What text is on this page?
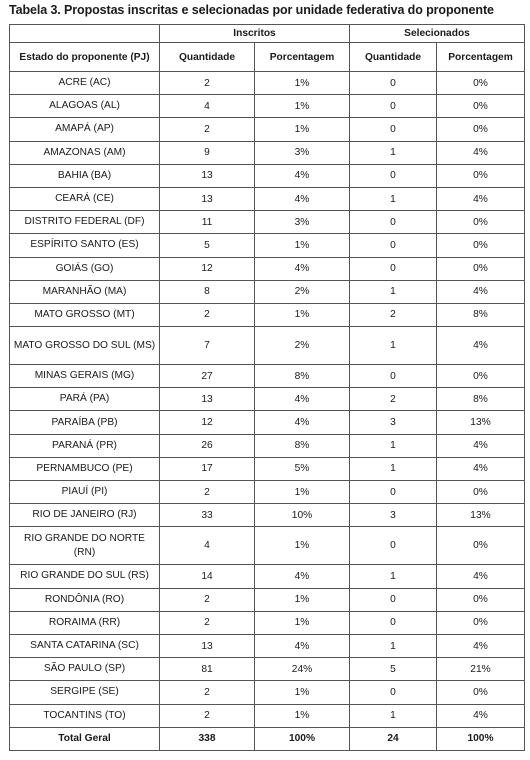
Tabela 3. Propostas inscritas e selecionadas por unidade federativa do proponente
	Inscritos		Selecionados	
Estado do proponente (PJ)	Quantidade	Porcentagem	Quantidade	Porcentagem
ACRE (AC)	2	1%	0	0%
ALAGOAS (AL)	4	1%	0	0%
AMAPÁ (AP)	2	1%	0	0%
AMAZONAS (AM)	9	3%	1	4%
BAHIA (BA)	13	4%	0	0%
CEARÁ (CE)	13	4%	1	4%
DISTRITO FEDERAL (DF)	11	3%	0	0%
ESPÍRITO SANTO (ES)	5	1%	0	0%
GOIÁS (GO)	12	4%	0	0%
MARANHÃO (MA)	8	2%	1	4%
MATO GROSSO (MT)	2	1%	2	8%
MATO GROSSO DO SUL (MS)	7	2%	1	4%
MINAS GERAIS (MG)	27	8%	0	0%
PARÁ (PA)	13	4%	2	8%
PARAÍBA (PB)	12	4%	3	13%
PARANÁ (PR)	26	8%	1	4%
PERNAMBUCO (PE)	17	5%	1	4%
PIAUÍ (PI)	2	1%	0	0%
RIO DE JANEIRO (RJ)	33	10%	3	13%
RIO GRANDE DO NORTE (RN)	4	1%	0	0%
RIO GRANDE DO SUL (RS)	14	4%	1	4%
RONDÔNIA (RO)	2	1%	0	0%
RORAIMA (RR)	2	1%	0	0%
SANTA CATARINA (SC)	13	4%	1	4%
SÃO PAULO (SP)	81	24%	5	21%
SERGIPE (SE)	2	1%	0	0%
TOCANTINS (TO)	2	1%	1	4%
Total Geral	338	100%	24	100%
